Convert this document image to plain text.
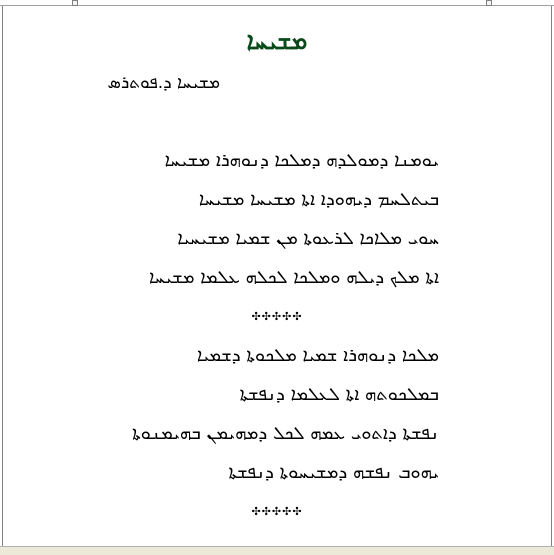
ܡܫܝܚܐ
ܡܫܝܚܐ ܕ.ܦܘܬܪܣ
ܝܘܡܢܐ ܕܡܘܠܕܗ ܕܡܠܟܐ ܕܢܘܗܪܐ ܡܫܝܚܐ
ܒܝܬܠܚܡ ܕܝܗܘܕܐ ܐܬܐ ܡܫܝܚܐ ܡܫܝܚܐ
ܚܘܝ ܡܠܐܟܐ ܠܪܥܘܬܐ ܡܢ ܫܡܝܐ ܡܫܝܚܝܐ
ܐܬܐ ܡܠܟ ܕܝܠܗ ܘܡܠܟܐ ܠܟܠܗ ܥܠܡܐ ܡܫܝܚܐ
✣✣✣✣✣
ܡܠܟܐ ܕܢܘܗܪܐ ܫܡܝܐ ܡܠܟܘܬܐ ܕܫܡܝܐ
ܒܡܠܟܘܬܗ ܐܬܐ ܠܥܠܡܐ ܕܢܦܫܬܐ
ܢܦܫܬܐ ܕܐܬܘܝ ܥܡܗ ܠܟܠ ܕܡܗܝܡܢ ܒܗܝܡܢܘܬܐ
ܝܗܘܒ ܢܦܫܗ ܕܡܫܝܚܘܬܐ ܕܢܦܫܬܐ
✣✣✣✣✣
